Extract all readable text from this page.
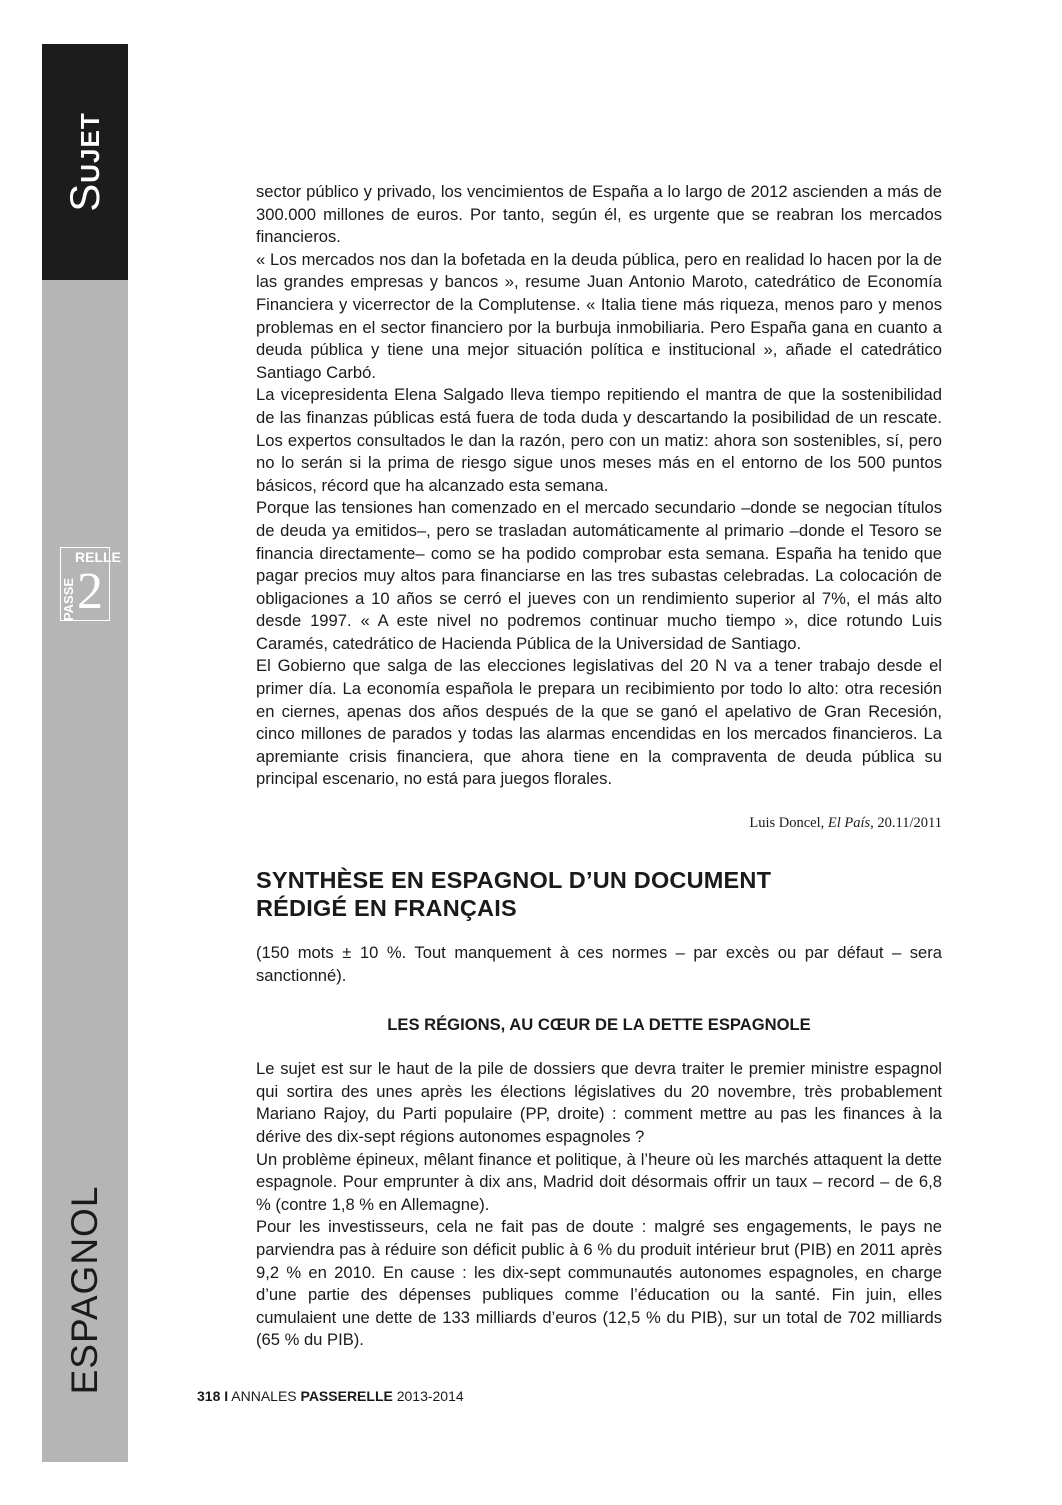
SUJET
RELLE
PASSE 2
ESPAGNOL

sector público y privado, los vencimientos de España a lo largo de 2012 ascienden a más de 300.000 millones de euros. Por tanto, según él, es urgente que se reabran los mercados financieros.

« Los mercados nos dan la bofetada en la deuda pública, pero en realidad lo hacen por la de las grandes empresas y bancos », resume Juan Antonio Maroto, catedrático de Economía Financiera y vicerrector de la Complutense. « Italia tiene más riqueza, menos paro y menos problemas en el sector financiero por la burbuja inmobiliaria. Pero España gana en cuanto a deuda pública y tiene una mejor situación política e institucional », añade el catedrático Santiago Carbó.

La vicepresidenta Elena Salgado lleva tiempo repitiendo el mantra de que la sostenibilidad de las finanzas públicas está fuera de toda duda y descartando la posibilidad de un rescate. Los expertos consultados le dan la razón, pero con un matiz: ahora son sostenibles, sí, pero no lo serán si la prima de riesgo sigue unos meses más en el entorno de los 500 puntos básicos, récord que ha alcanzado esta semana.

Porque las tensiones han comenzado en el mercado secundario –donde se negocian títulos de deuda ya emitidos–, pero se trasladan automáticamente al primario –donde el Tesoro se financia directamente– como se ha podido comprobar esta semana. España ha tenido que pagar precios muy altos para financiarse en las tres subastas celebradas. La colocación de obligaciones a 10 años se cerró el jueves con un rendimiento superior al 7%, el más alto desde 1997. « A este nivel no podremos continuar mucho tiempo », dice rotundo Luis Caramés, catedrático de Hacienda Pública de la Universidad de Santiago.

El Gobierno que salga de las elecciones legislativas del 20 N va a tener trabajo desde el primer día. La economía española le prepara un recibimiento por todo lo alto: otra recesión en ciernes, apenas dos años después de la que se ganó el apelativo de Gran Recesión, cinco millones de parados y todas las alarmas encendidas en los mercados financieros. La apremiante crisis financiera, que ahora tiene en la compraventa de deuda pública su principal escenario, no está para juegos florales.

Luis Doncel, El País, 20.11/2011

SYNTHÈSE EN ESPAGNOL D’UN DOCUMENT
RÉDIGÉ EN FRANÇAIS

(150 mots ± 10 %. Tout manquement à ces normes – par excès ou par défaut – sera sanctionné).

LES RÉGIONS, AU CŒUR DE LA DETTE ESPAGNOLE

Le sujet est sur le haut de la pile de dossiers que devra traiter le premier ministre espagnol qui sortira des unes après les élections législatives du 20 novembre, très probablement Mariano Rajoy, du Parti populaire (PP, droite) : comment mettre au pas les finances à la dérive des dix-sept régions autonomes espagnoles ?

Un problème épineux, mêlant finance et politique, à l’heure où les marchés attaquent la dette espagnole. Pour emprunter à dix ans, Madrid doit désormais offrir un taux – record – de 6,8 % (contre 1,8 % en Allemagne).

Pour les investisseurs, cela ne fait pas de doute : malgré ses engagements, le pays ne parviendra pas à réduire son déficit public à 6 % du produit intérieur brut (PIB) en 2011 après 9,2 % en 2010. En cause : les dix-sept communautés autonomes espagnoles, en charge d’une partie des dépenses publiques comme l’éducation ou la santé. Fin juin, elles cumulaient une dette de 133 milliards d’euros (12,5 % du PIB), sur un total de 702 milliards (65 % du PIB).

318 I ANNALES PASSERELLE 2013-2014
